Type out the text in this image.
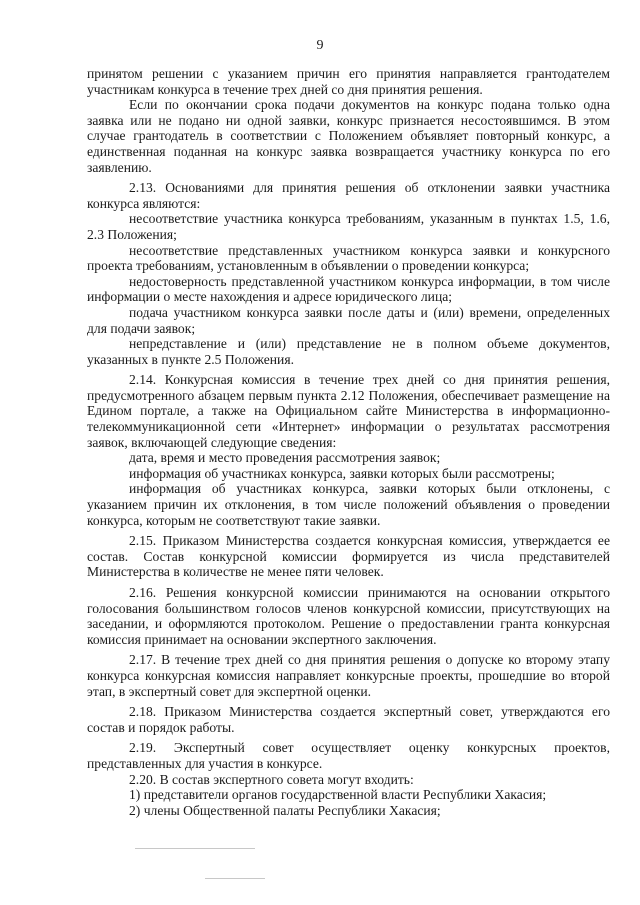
9

принятом решении с указанием причин его принятия направляется грантодателем участникам конкурса в течение трех дней со дня принятия решения.

Если по окончании срока подачи документов на конкурс подана только одна заявка или не подано ни одной заявки, конкурс признается несостоявшимся. В этом случае грантодатель в соответствии с Положением объявляет повторный конкурс, а единственная поданная на конкурс заявка возвращается участнику конкурса по его заявлению.

2.13. Основаниями для принятия решения об отклонении заявки участника конкурса являются:

несоответствие участника конкурса требованиям, указанным в пунктах 1.5, 1.6, 2.3 Положения;

несоответствие представленных участником конкурса заявки и конкурсного проекта требованиям, установленным в объявлении о проведении конкурса;

недостоверность представленной участником конкурса информации, в том числе информации о месте нахождения и адресе юридического лица;

подача участником конкурса заявки после даты и (или) времени, определенных для подачи заявок;

непредставление и (или) представление не в полном объеме документов, указанных в пункте 2.5 Положения.

2.14. Конкурсная комиссия в течение трех дней со дня принятия решения, предусмотренного абзацем первым пункта 2.12 Положения, обеспечивает размещение на Едином портале, а также на Официальном сайте Министерства в информационно-телекоммуникационной сети «Интернет» информации о результатах рассмотрения заявок, включающей следующие сведения:

дата, время и место проведения рассмотрения заявок;

информация об участниках конкурса, заявки которых были рассмотрены;

информация об участниках конкурса, заявки которых были отклонены, с указанием причин их отклонения, в том числе положений объявления о проведении конкурса, которым не соответствуют такие заявки.

2.15. Приказом Министерства создается конкурсная комиссия, утверждается ее состав. Состав конкурсной комиссии формируется из числа представителей Министерства в количестве не менее пяти человек.

2.16. Решения конкурсной комиссии принимаются на основании открытого голосования большинством голосов членов конкурсной комиссии, присутствующих на заседании, и оформляются протоколом. Решение о предоставлении гранта конкурсная комиссия принимает на основании экспертного заключения.

2.17. В течение трех дней со дня принятия решения о допуске ко второму этапу конкурса конкурсная комиссия направляет конкурсные проекты, прошедшие во второй этап, в экспертный совет для экспертной оценки.

2.18. Приказом Министерства создается экспертный совет, утверждаются его состав и порядок работы.

2.19. Экспертный совет осуществляет оценку конкурсных проектов, представленных для участия в конкурсе.

2.20. В состав экспертного совета могут входить:

1) представители органов государственной власти Республики Хакасия;

2) члены Общественной палаты Республики Хакасия;
